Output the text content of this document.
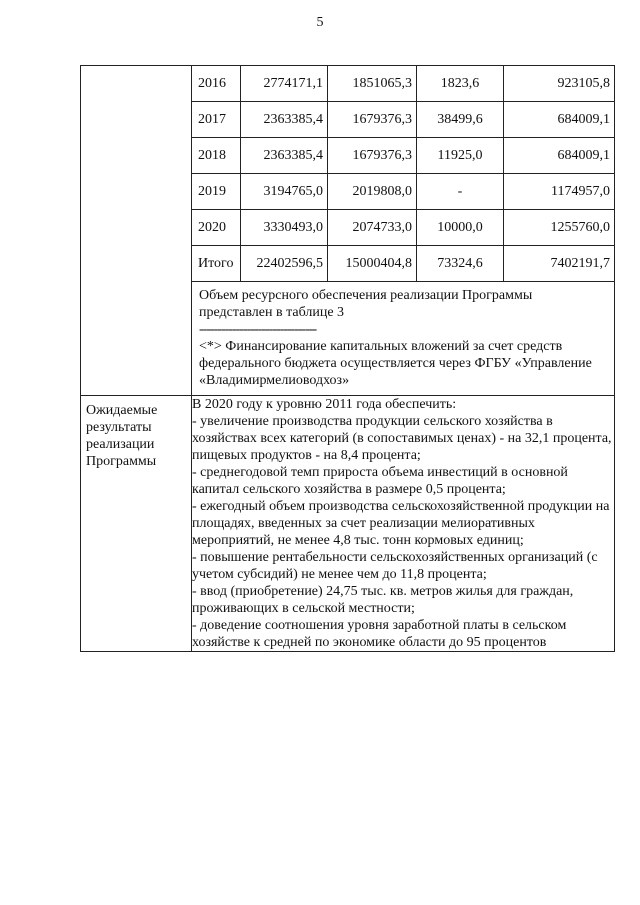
5

2016	2774171,1	1851065,3	1823,6	923105,8
2017	2363385,4	1679376,3	38499,6	684009,1
2018	2363385,4	1679376,3	11925,0	684009,1
2019	3194765,0	2019808,0	-	1174957,0
2020	3330493,0	2074733,0	10000,0	1255760,0
Итого	22402596,5	15000404,8	73324,6	7402191,7
Объем ресурсного обеспечения реализации Программы представлен в таблице 3
--------------------------------
<*> Финансирование капитальных вложений за счет средств федерального бюджета осуществляется через ФГБУ «Управление «Владимирмелиоводхоз»

Ожидаемые результаты реализации Программы

В 2020 году к уровню 2011 года обеспечить:

- увеличение производства продукции сельского хозяйства в хозяйствах всех категорий (в сопоставимых ценах) - на 32,1 процента, пищевых продуктов - на 8,4 процента;

- среднегодовой темп прироста объема инвестиций в основной капитал сельского хозяйства в размере 0,5 процента;

- ежегодный объем производства сельскохозяйственной продукции на площадях, введенных за счет реализации мелиоративных мероприятий, не менее 4,8 тыс. тонн кормовых единиц;

- повышение рентабельности сельскохозяйственных организаций (с учетом субсидий) не менее чем до 11,8 процента;

- ввод (приобретение) 24,75 тыс. кв. метров жилья для граждан, проживающих в сельской местности;

- доведение соотношения уровня заработной платы в сельском хозяйстве к средней по экономике области до 95 процентов
